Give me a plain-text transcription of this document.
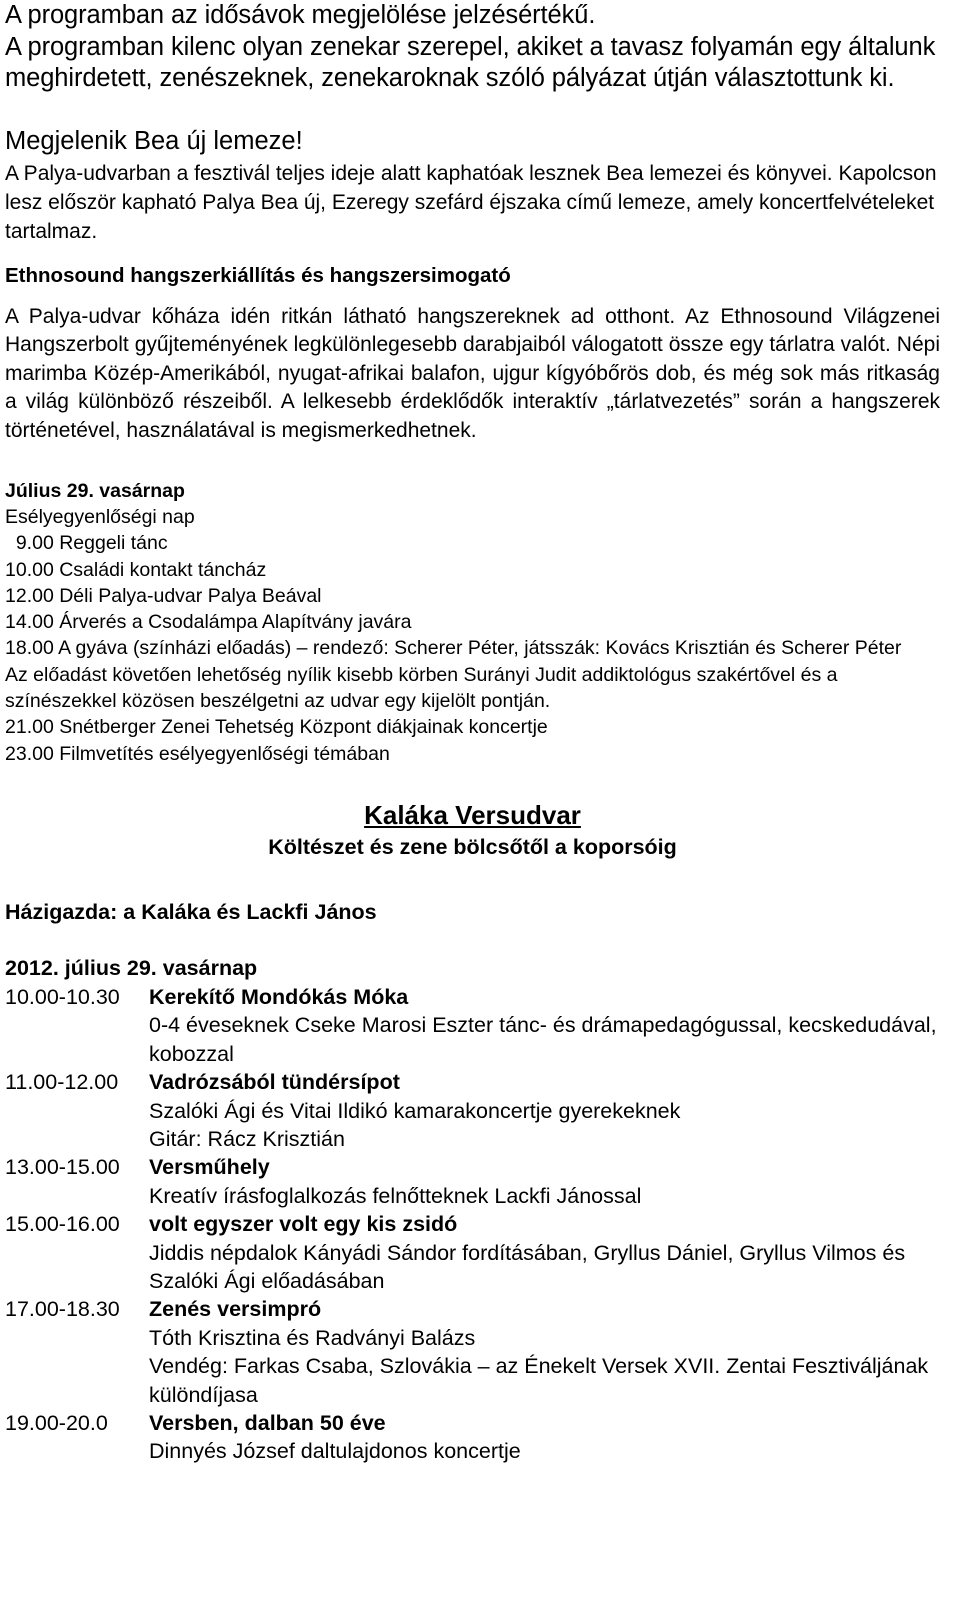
A programban az idősávok megjelölése jelzésértékű.

A programban kilenc olyan zenekar szerepel, akiket a tavasz folyamán egy általunk meghirdetett, zenészeknek, zenekaroknak szóló pályázat útján választottunk ki.

Megjelenik Bea új lemeze!

A Palya-udvarban a fesztivál teljes ideje alatt kaphatóak lesznek Bea lemezei és könyvei. Kapolcson lesz először kapható Palya Bea új, Ezeregy szefárd éjszaka című lemeze, amely koncertfelvételeket tartalmaz.

Ethnosound hangszerkiállítás és hangszersimogató

A Palya-udvar kőháza idén ritkán látható hangszereknek ad otthont. Az Ethnosound Világzenei Hangszerbolt gyűjteményének legkülönlegesebb darabjaiból válogatott össze egy tárlatra valót. Népi marimba Közép-Amerikából, nyugat-afrikai balafon, ujgur kígyóbőrös dob, és még sok más ritkaság a világ különböző részeiből. A lelkesebb érdeklődők interaktív „tárlatvezetés” során a hangszerek történetével, használatával is megismerkedhetnek.

Július 29. vasárnap

Esélyegyenlőségi nap

9.00 Reggeli tánc

10.00 Családi kontakt táncház

12.00 Déli Palya-udvar Palya Beával

14.00 Árverés a Csodalámpa Alapítvány javára

18.00 A gyáva (színházi előadás) – rendező: Scherer Péter, játsszák: Kovács Krisztián és Scherer Péter

Az előadást követően lehetőség nyílik kisebb körben Surányi Judit addiktológus szakértővel és a színészekkel közösen beszélgetni az udvar egy kijelölt pontján.

21.00 Snétberger Zenei Tehetség Központ diákjainak koncertje

23.00 Filmvetítés esélyegyenlőségi témában

Kaláka Versudvar

Költészet és zene bölcsőtől a koporsóig

Házigazda: a Kaláka és Lackfi János

2012. július 29. vasárnap

10.00-10.30	Kerekítő Mondókás Móka
0-4 éveseknek Cseke Marosi Eszter tánc- és drámapedagógussal, kecskedudával, kobozzal
11.00-12.00	Vadrózsából tündérsípot
Szalóki Ági és Vitai Ildikó kamarakoncertje gyerekeknek
Gitár: Rácz Krisztián
13.00-15.00	Versműhely
Kreatív írásfoglalkozás felnőtteknek Lackfi Jánossal
15.00-16.00	volt egyszer volt egy kis zsidó
Jiddis népdalok Kányádi Sándor fordításában, Gryllus Dániel, Gryllus Vilmos és Szalóki Ági előadásában
17.00-18.30	Zenés versimpró
Tóth Krisztina és Radványi Balázs
Vendég: Farkas Csaba, Szlovákia – az Énekelt Versek XVII. Zentai Fesztiváljának
különdíjasa
19.00-20.0	Versben, dalban 50 éve
Dinnyés József daltulajdonos koncertje
